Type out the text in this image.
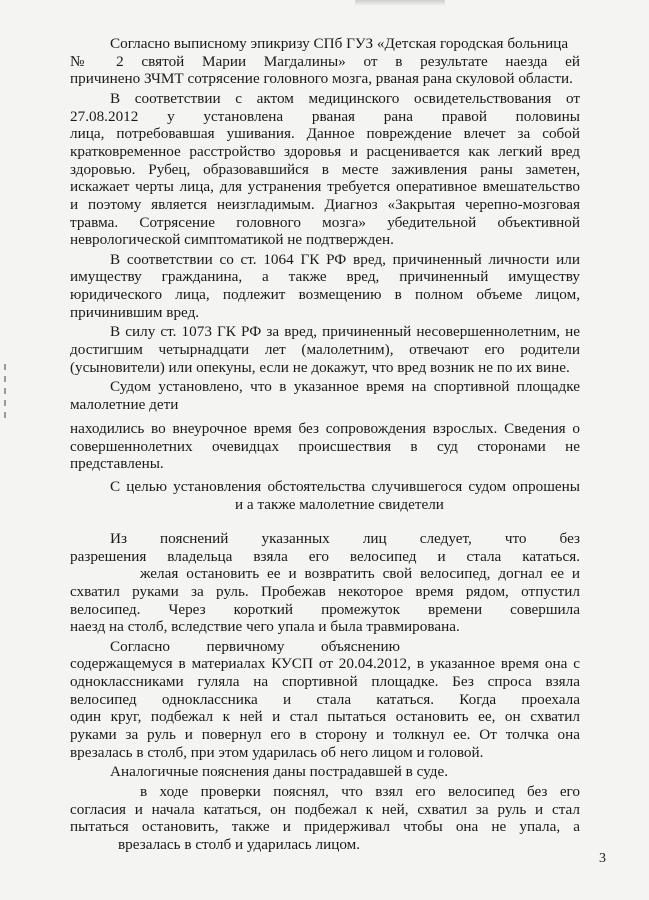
Согласно выписному эпикризу СПб ГУЗ «Детская городская больница
№ 2 святой Марии Магдалины» от в результате наезда ей
причинено ЗЧМТ сотрясение головного мозга, рваная рана скуловой области.
В соответствии с актом медицинского освидетельствования от
27.08.2012 у установлена рваная рана правой половины
лица, потребовавшая ушивания. Данное повреждение влечет за собой
кратковременное расстройство здоровья и расценивается как легкий вред
здоровью. Рубец, образовавшийся в месте заживления раны заметен,
искажает черты лица, для устранения требуется оперативное вмешательство
и поэтому является неизгладимым. Диагноз «Закрытая черепно-мозговая
травма. Сотрясение головного мозга» убедительной объективной
неврологической симптоматикой не подтвержден.
В соответствии со ст. 1064 ГК РФ вред, причиненный личности или
имуществу гражданина, а также вред, причиненный имуществу
юридического лица, подлежит возмещению в полном объеме лицом,
причинившим вред.
В силу ст. 1073 ГК РФ за вред, причиненный несовершеннолетним, не
достигшим четырнадцати лет (малолетним), отвечают его родители
(усыновители) или опекуны, если не докажут, что вред возник не по их вине.
Судом установлено, что в указанное время на спортивной площадке
малолетние дети
находились во внеурочное время без сопровождения взрослых. Сведения о
совершеннолетних очевидцах происшествия в суд сторонами не
представлены.
С целью установления обстоятельства случившегося судом опрошены
и а также малолетние свидетели
Из пояснений указанных лиц следует, что без
разрешения владельца взяла его велосипед и стала кататься.
желая остановить ее и возвратить свой велосипед, догнал ее и
схватил руками за руль. Пробежав некоторое время рядом, отпустил
велосипед. Через короткий промежуток времени совершила
наезд на столб, вследствие чего упала и была травмирована.
Согласно первичному объяснению
содержащемуся в материалах КУСП от 20.04.2012, в указанное время она с
одноклассниками гуляла на спортивной площадке. Без спроса взяла
велосипед одноклассника и стала кататься. Когда проехала
один круг, подбежал к ней и стал пытаться остановить ее, он схватил
руками за руль и повернул его в сторону и толкнул ее. От толчка она
врезалась в столб, при этом ударилась об него лицом и головой.
Аналогичные пояснения даны пострадавшей в суде.
в ходе проверки пояснял, что взял его велосипед без его
согласия и начала кататься, он подбежал к ней, схватил за руль и стал
пытаться остановить, также и придерживал чтобы она не упала, а
врезалась в столб и ударилась лицом.
3
